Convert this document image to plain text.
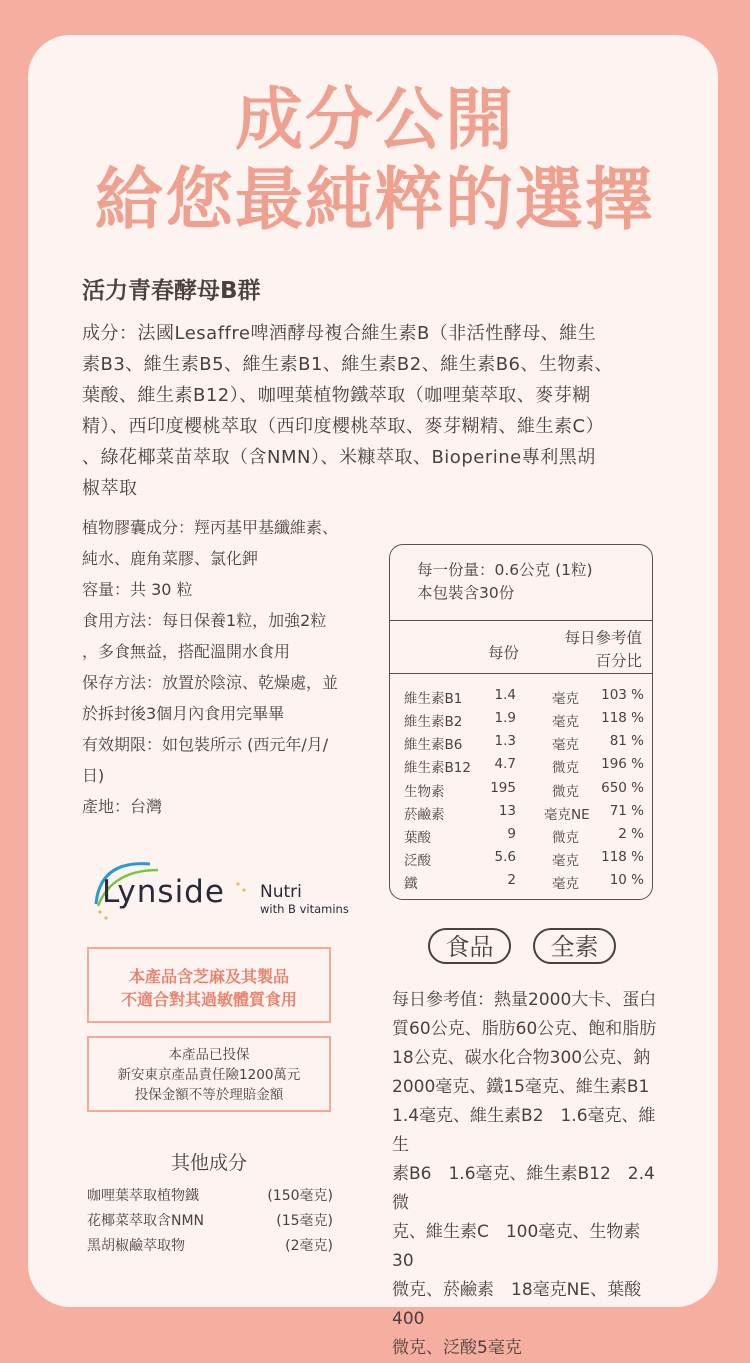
成分公開
給您最純粹的選擇
活力青春酵母B群
成分：法國Lesaffre啤酒酵母複合維生素B（非活性酵母、維生
素B3、維生素B5、維生素B1、維生素B2、維生素B6、生物素、
葉酸、維生素B12）、咖哩葉植物鐵萃取（咖哩葉萃取、麥芽糊
精）、西印度櫻桃萃取（西印度櫻桃萃取、麥芽糊精、維生素C）
、綠花椰菜苗萃取（含NMN）、米糠萃取、Bioperine專利黑胡
椒萃取
植物膠囊成分：羥丙基甲基纖維素、
純水、鹿角菜膠、氯化鉀
容量：共 30 粒
食用方法：每日保養1粒，加強2粒
，多食無益，搭配溫開水食用
保存方法：放置於陰涼、乾燥處，並
於拆封後3個月內食用完畢畢
有效期限：如包裝所示 (西元年/月/
日)
產地：台灣
每一份量：0.6公克 (1粒)
本包裝含30份
每份
每日參考值
百分比
維生素B1 1.4	毫克 103 %
維生素B2 1.9	毫克 118 %
維生素B6 1.3	毫克 81 %
維生素B12 4.7	微克 196 %
生物素	195	微克 650 %
菸鹼素	13 毫克NE 71 %
葉酸	9	微克	2 %
泛酸	5.6	毫克 118 %
鐵	2	毫克 10 %
Lynside Nutri
with B vitamins
本產品含芝麻及其製品
不適合對其過敏體質食用
本產品已投保
新安東京產品責任險1200萬元
投保金額不等於理賠金額
其他成分
咖哩葉萃取植物鐵	(150毫克)
花椰菜萃取含NMN	(15毫克)
黑胡椒鹼萃取物	(2毫克)
食品	全素
每日參考值：熱量2000大卡、蛋白
質60公克、脂肪60公克、飽和脂肪
18公克、碳水化合物300公克、鈉
2000毫克、鐵15毫克、維生素B1
1.4毫克、維生素B2　1.6毫克、維生
素B6　1.6毫克、維生素B12　2.4微
克、維生素C　100毫克、生物素　30
微克、菸鹼素　18毫克NE、葉酸400
微克、泛酸5毫克
